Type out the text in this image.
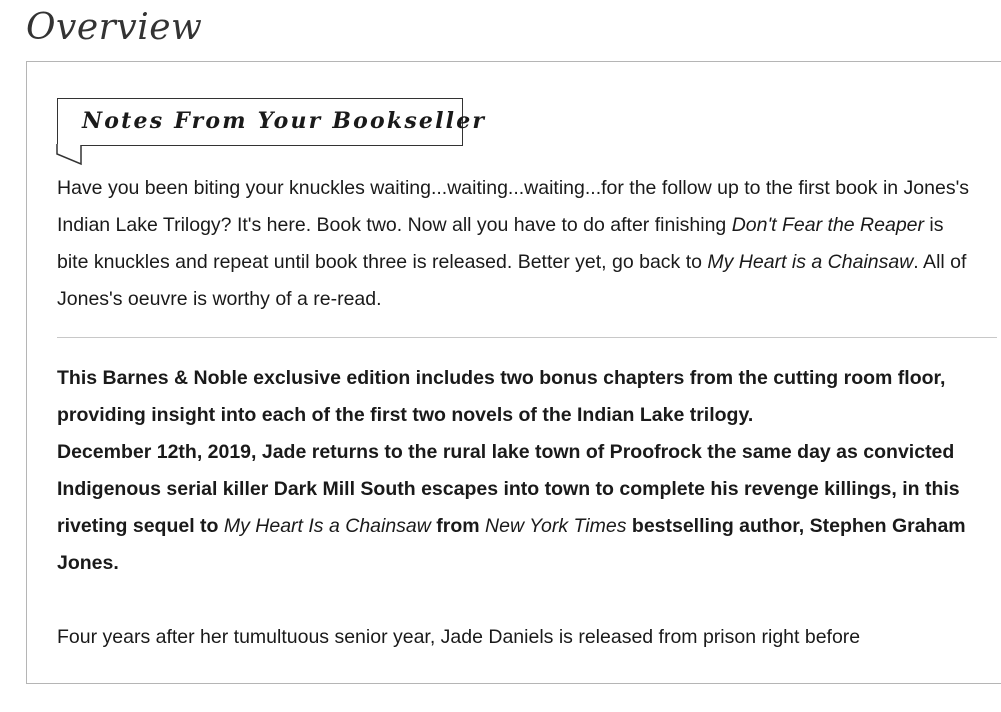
Overview
Notes From Your Bookseller

Have you been biting your knuckles waiting...waiting...waiting...for the follow up to the first book in Jones's Indian Lake Trilogy? It's here. Book two. Now all you have to do after finishing Don't Fear the Reaper is bite knuckles and repeat until book three is released. Better yet, go back to My Heart is a Chainsaw. All of Jones's oeuvre is worthy of a re-read.

This Barnes & Noble exclusive edition includes two bonus chapters from the cutting room floor, providing insight into each of the first two novels of the Indian Lake trilogy.

December 12th, 2019, Jade returns to the rural lake town of Proofrock the same day as convicted Indigenous serial killer Dark Mill South escapes into town to complete his revenge killings, in this riveting sequel to My Heart Is a Chainsaw from New York Times bestselling author, Stephen Graham Jones.

Four years after her tumultuous senior year, Jade Daniels is released from prison right before
